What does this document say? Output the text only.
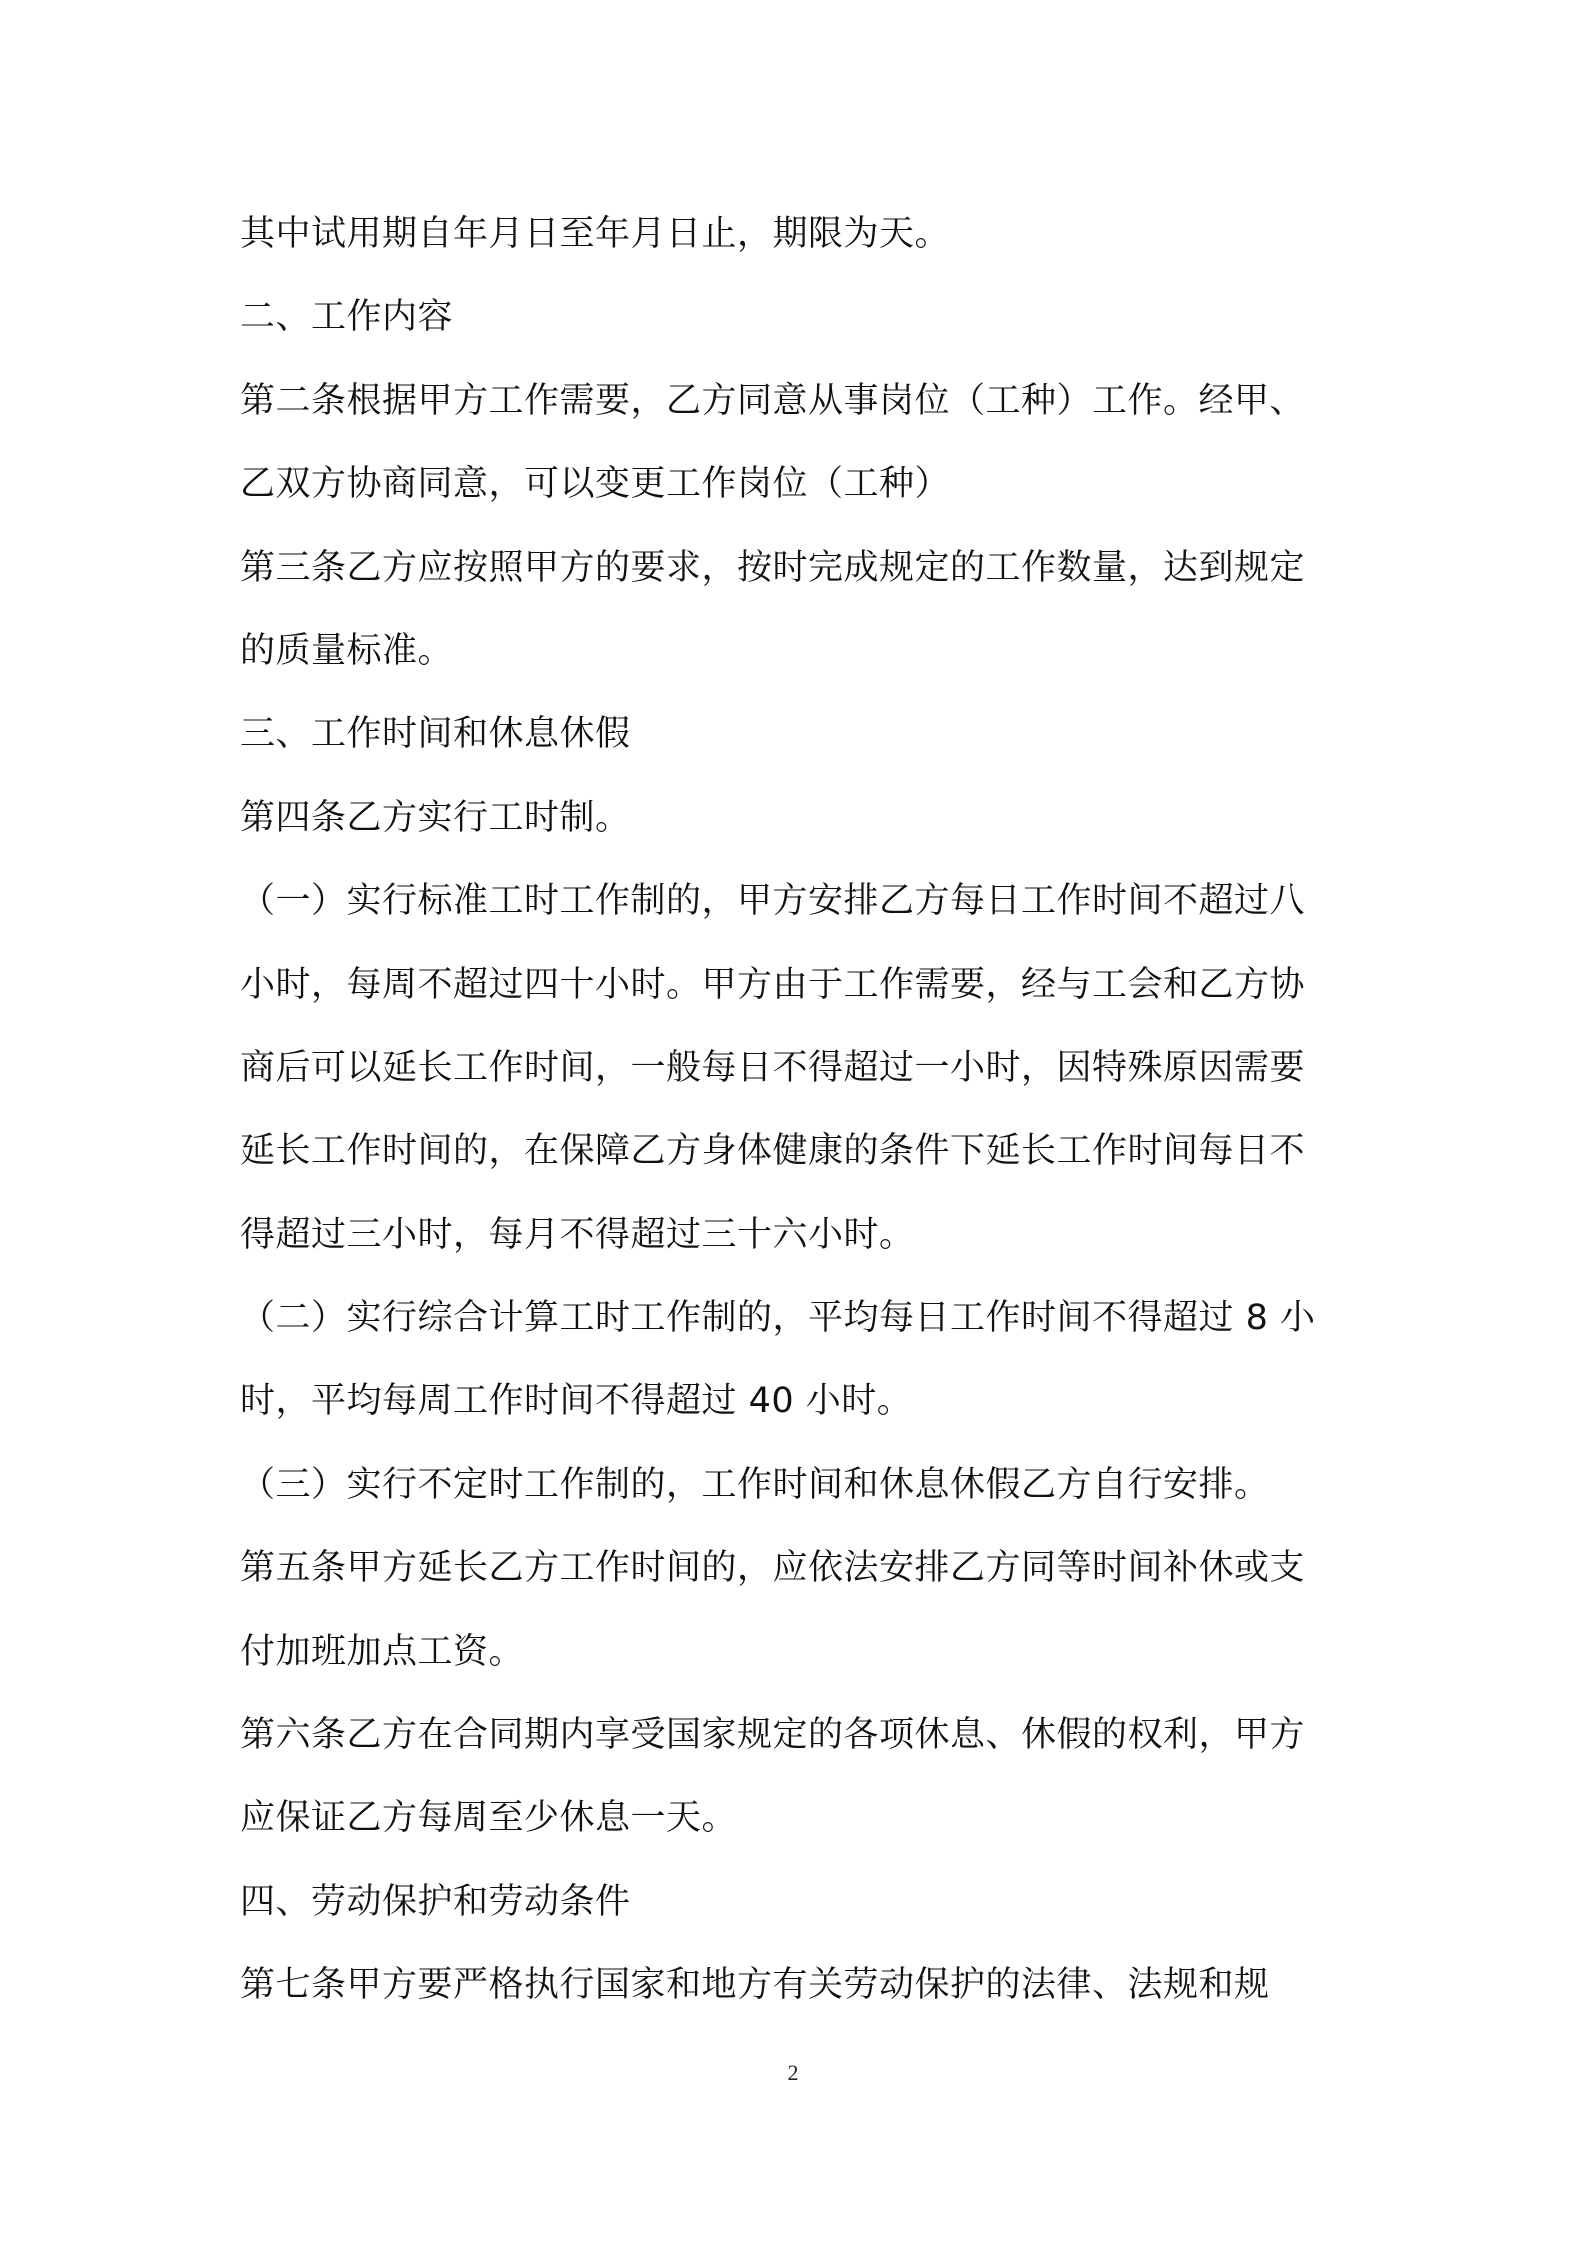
其中试用期自年月日至年月日止，期限为天。
二、工作内容
第二条根据甲方工作需要，乙方同意从事岗位（工种）工作。经甲、
乙双方协商同意，可以变更工作岗位（工种）
第三条乙方应按照甲方的要求，按时完成规定的工作数量，达到规定
的质量标准。
三、工作时间和休息休假
第四条乙方实行工时制。
（一）实行标准工时工作制的，甲方安排乙方每日工作时间不超过八
小时，每周不超过四十小时。甲方由于工作需要，经与工会和乙方协
商后可以延长工作时间，一般每日不得超过一小时，因特殊原因需要
延长工作时间的，在保障乙方身体健康的条件下延长工作时间每日不
得超过三小时，每月不得超过三十六小时。
（二）实行综合计算工时工作制的，平均每日工作时间不得超过 8 小
时，平均每周工作时间不得超过 40 小时。
（三）实行不定时工作制的，工作时间和休息休假乙方自行安排。
第五条甲方延长乙方工作时间的，应依法安排乙方同等时间补休或支
付加班加点工资。
第六条乙方在合同期内享受国家规定的各项休息、休假的权利，甲方
应保证乙方每周至少休息一天。
四、劳动保护和劳动条件
第七条甲方要严格执行国家和地方有关劳动保护的法律、法规和规
2
